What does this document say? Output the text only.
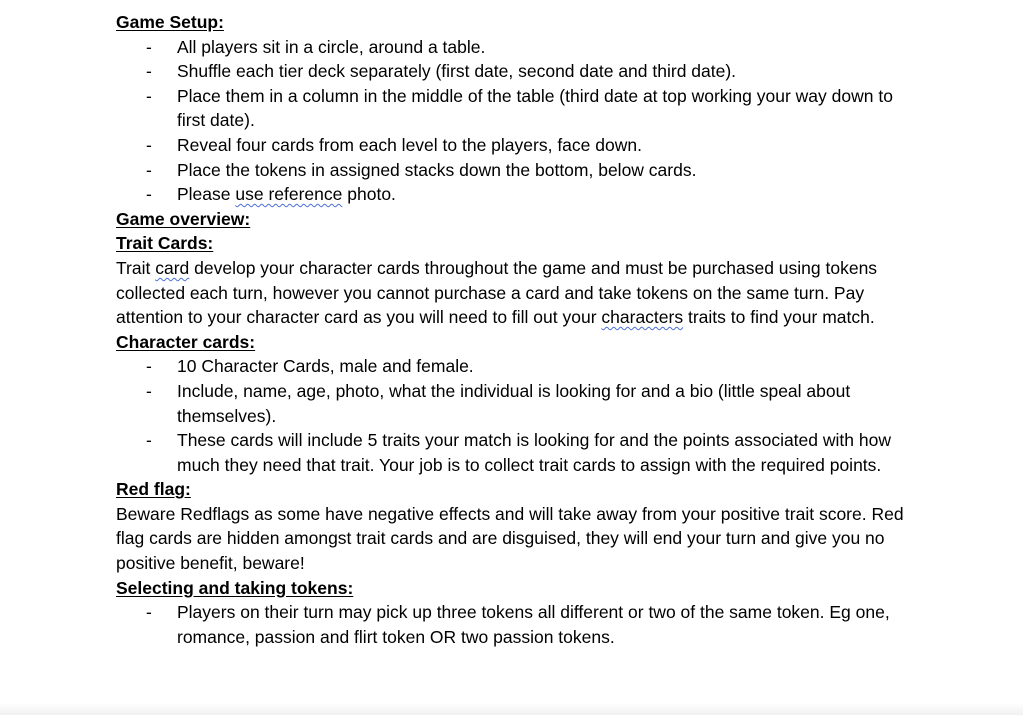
Game Setup:
- All players sit in a circle, around a table.
- Shuffle each tier deck separately (first date, second date and third date).
- Place them in a column in the middle of the table (third date at top working your way down to first date).
- Reveal four cards from each level to the players, face down.
- Place the tokens in assigned stacks down the bottom, below cards.
- Please use reference photo.
Game overview:
Trait Cards:
Trait card develop your character cards throughout the game and must be purchased using tokens collected each turn, however you cannot purchase a card and take tokens on the same turn. Pay attention to your character card as you will need to fill out your characters traits to find your match.
Character cards:
- 10 Character Cards, male and female.
- Include, name, age, photo, what the individual is looking for and a bio (little speal about themselves).
- These cards will include 5 traits your match is looking for and the points associated with how much they need that trait. Your job is to collect trait cards to assign with the required points.
Red flag:
Beware Redflags as some have negative effects and will take away from your positive trait score. Red flag cards are hidden amongst trait cards and are disguised, they will end your turn and give you no positive benefit, beware!
Selecting and taking tokens:
- Players on their turn may pick up three tokens all different or two of the same token. Eg one, romance, passion and flirt token OR two passion tokens.
